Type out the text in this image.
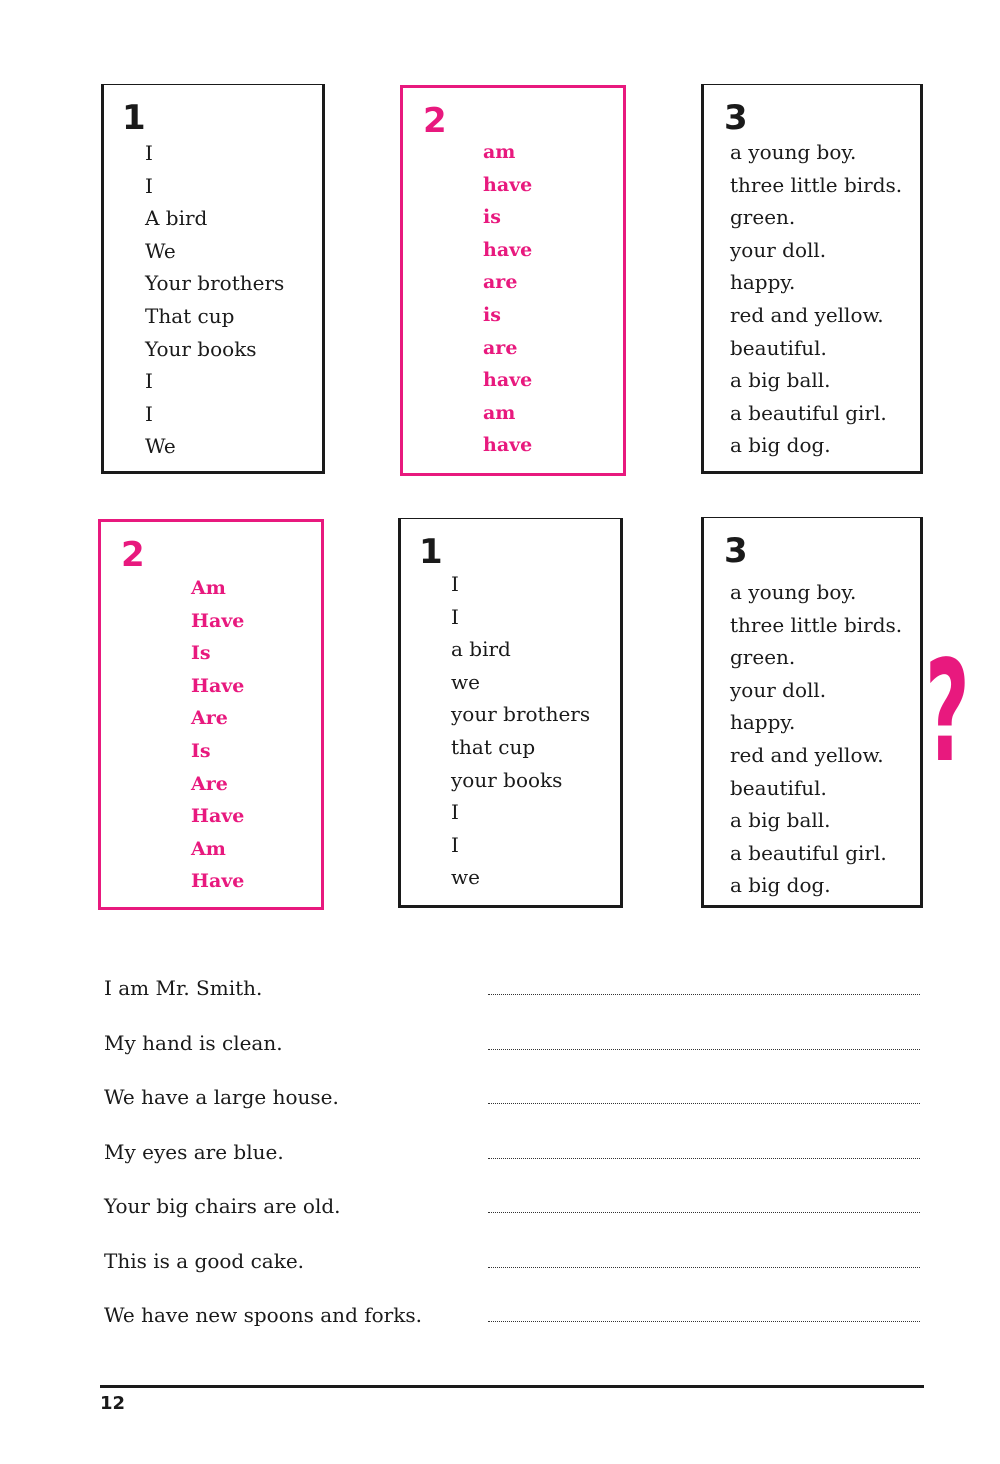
1
I
I
A bird
We
Your brothers
That cup
Your books
I
I
We
2
am
have
is
have
are
is
are
have
am
have
3
a young boy.
three little birds.
green.
your doll.
happy.
red and yellow.
beautiful.
a big ball.
a beautiful girl.
a big dog.
2
Am
Have
Is
Have
Are
Is
Are
Have
Am
Have
1
I
I
a bird
we
your brothers
that cup
your books
I
I
we
3
a young boy.
three little birds.
green.
your doll.
happy.
red and yellow.
beautiful.
a big ball.
a beautiful girl.
a big dog.
?
I am Mr. Smith.
My hand is clean.
We have a large house.
My eyes are blue.
Your big chairs are old.
This is a good cake.
We have new spoons and forks.
12
